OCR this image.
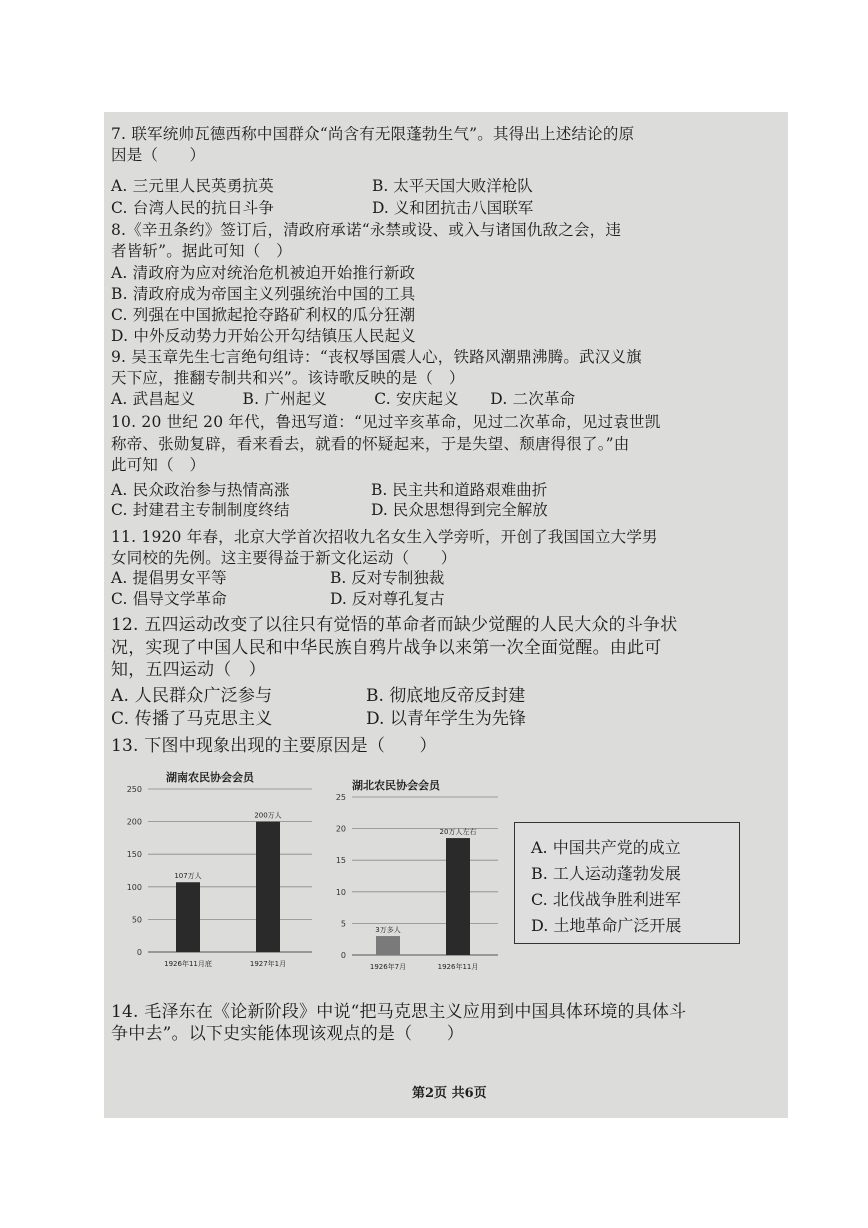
7. 联军统帅瓦德西称中国群众“尚含有无限蓬勃生气”。其得出上述结论的原
因是（　　）
A. 三元里人民英勇抗英
C. 台湾人民的抗日斗争
8.《辛丑条约》签订后，清政府承诺“永禁或设、或入与诸国仇敌之会，违
者皆斩”。据此可知（　）
A. 清政府为应对统治危机被迫开始推行新政
B. 清政府成为帝国主义列强统治中国的工具
C. 列强在中国掀起抢夺路矿利权的瓜分狂潮
D. 中外反动势力开始公开勾结镇压人民起义
9. 吴玉章先生七言绝句组诗：“丧权辱国震人心，铁路风潮鼎沸腾。武汉义旗
天下应，推翻专制共和兴”。该诗歌反映的是（　）
A. 武昌起义　　　B. 广州起义　　　C. 安庆起义　　D. 二次革命
10. 20 世纪 20 年代，鲁迅写道：“见过辛亥革命，见过二次革命，见过袁世凯
称帝、张勋复辟，看来看去，就看的怀疑起来，于是失望、颓唐得很了。”由
此可知（　）
A. 民众政治参与热情高涨
C. 封建君主专制制度终结
11. 1920 年春，北京大学首次招收九名女生入学旁听，开创了我国国立大学男
女同校的先例。这主要得益于新文化运动（　　）
A. 提倡男女平等
C. 倡导文学革命
12. 五四运动改变了以往只有觉悟的革命者而缺少觉醒的人民大众的斗争状
况，实现了中国人民和中华民族自鸦片战争以来第一次全面觉醒。由此可
知，五四运动（　）
A. 人民群众广泛参与
C. 传播了马克思主义
13. 下图中现象出现的主要原因是（　　）
14. 毛泽东在《论新阶段》中说“把马克思主义应用到中国具体环境的具体斗
争中去”。以下史实能体现该观点的是（　　）
B. 太平天国大败洋枪队
D. 义和团抗击八国联军
B. 民主共和道路艰难曲折
D. 民众思想得到完全解放
B. 反对专制独裁
D. 反对尊孔复古
B. 彻底地反帝反封建
D. 以青年学生为先锋
湖南农民协会会员
0
50
100
150
200
250
107万人
1926年11月底
200万人
1927年1月
湖北农民协会会员
0
5
10
15
20
25
3万多人
1926年7月
20万人左右
1926年11月
A. 中国共产党的成立
B. 工人运动蓬勃发展
C. 北伐战争胜利进军
D. 土地革命广泛开展
第2页 共6页
